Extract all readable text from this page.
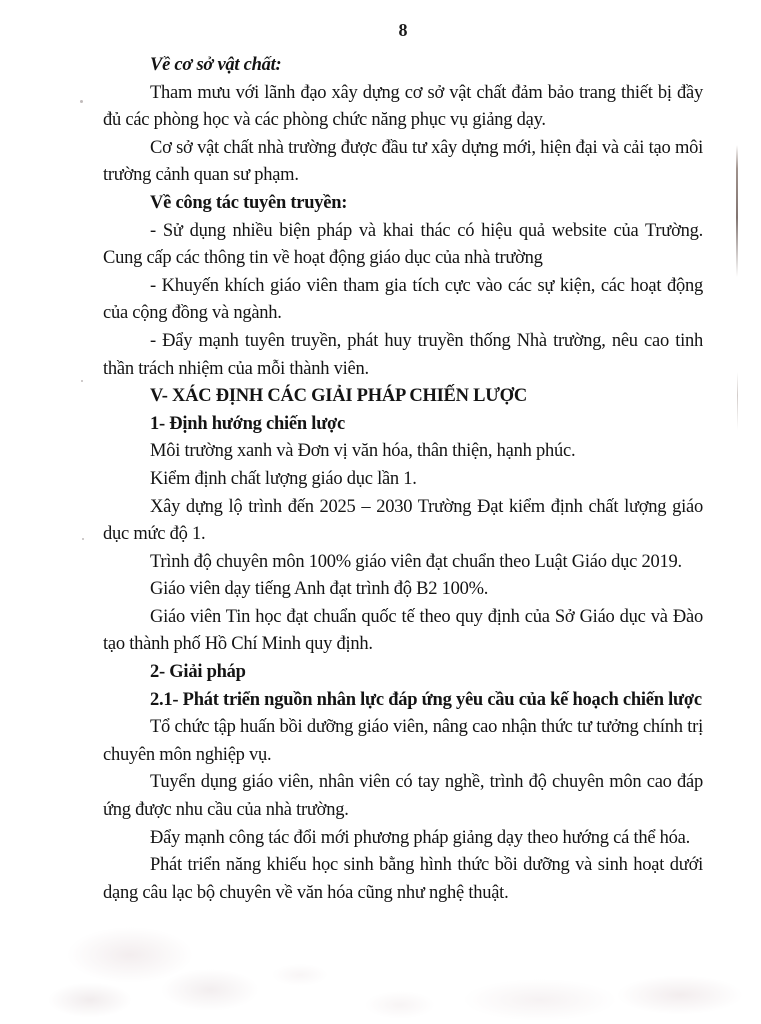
8

Về cơ sở vật chất:

Tham mưu với lãnh đạo xây dựng cơ sở vật chất đảm bảo trang thiết bị đầy đủ các phòng học và các phòng chức năng phục vụ giảng dạy.

Cơ sở vật chất nhà trường được đầu tư xây dựng mới, hiện đại và cải tạo môi trường cảnh quan sư phạm.

Về công tác tuyên truyền:

- Sử dụng nhiều biện pháp và khai thác có hiệu quả website của Trường. Cung cấp các thông tin về hoạt động giáo dục của nhà trường

- Khuyến khích giáo viên tham gia tích cực vào các sự kiện, các hoạt động của cộng đồng và ngành.

- Đẩy mạnh tuyên truyền, phát huy truyền thống Nhà trường, nêu cao tinh thần trách nhiệm của mỗi thành viên.

V- XÁC ĐỊNH CÁC GIẢI PHÁP CHIẾN LƯỢC

1- Định hướng chiến lược

Môi trường xanh và Đơn vị văn hóa, thân thiện, hạnh phúc.

Kiểm định chất lượng giáo dục lần 1.

Xây dựng lộ trình đến 2025 – 2030 Trường Đạt kiểm định chất lượng giáo dục mức độ 1.

Trình độ chuyên môn 100% giáo viên đạt chuẩn theo Luật Giáo dục 2019.

Giáo viên dạy tiếng Anh đạt trình độ B2 100%.

Giáo viên Tin học đạt chuẩn quốc tế theo quy định của Sở Giáo dục và Đào tạo thành phố Hồ Chí Minh quy định.

2- Giải pháp

2.1- Phát triển nguồn nhân lực đáp ứng yêu cầu của kế hoạch chiến lược

Tổ chức tập huấn bồi dưỡng giáo viên, nâng cao nhận thức tư tưởng chính trị chuyên môn nghiệp vụ.

Tuyển dụng giáo viên, nhân viên có tay nghề, trình độ chuyên môn cao đáp ứng được nhu cầu của nhà trường.

Đẩy mạnh công tác đổi mới phương pháp giảng dạy theo hướng cá thể hóa.

Phát triển năng khiếu học sinh bằng hình thức bồi dưỡng và sinh hoạt dưới dạng câu lạc bộ chuyên về văn hóa cũng như nghệ thuật.
